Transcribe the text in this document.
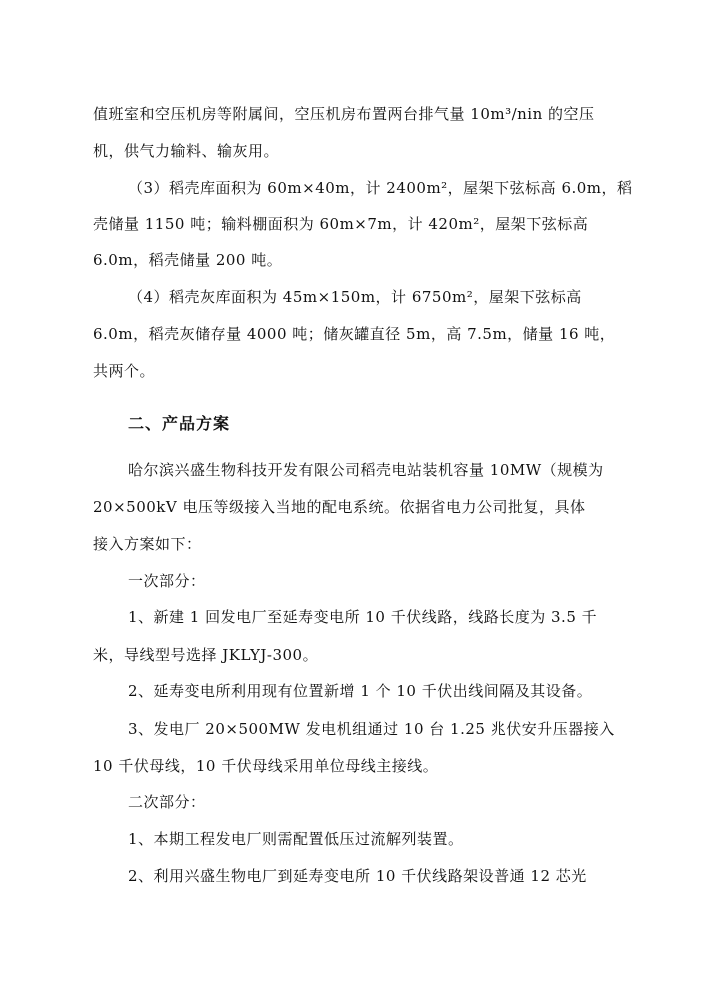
值班室和空压机房等附属间，空压机房布置两台排气量 10m³/nin 的空压
机，供气力输料、输灰用。
（3）稻壳库面积为 60m×40m，计 2400m²，屋架下弦标高 6.0m，稻
壳储量 1150 吨；输料棚面积为 60m×7m，计 420m²，屋架下弦标高
6.0m，稻壳储量 200 吨。
（4）稻壳灰库面积为 45m×150m，计 6750m²，屋架下弦标高
6.0m，稻壳灰储存量 4000 吨；储灰罐直径 5m，高 7.5m，储量 16 吨，
共两个。
二、产品方案
哈尔滨兴盛生物科技开发有限公司稻壳电站装机容量 10MW（规模为
20×500kV 电压等级接入当地的配电系统。依据省电力公司批复，具体
接入方案如下：
一次部分：
1、新建 1 回发电厂至延寿变电所 10 千伏线路，线路长度为 3.5 千
米，导线型号选择 JKLYJ-300。
2、延寿变电所利用现有位置新增 1 个 10 千伏出线间隔及其设备。
3、发电厂 20×500MW 发电机组通过 10 台 1.25 兆伏安升压器接入
10 千伏母线，10 千伏母线采用单位母线主接线。
二次部分：
1、本期工程发电厂则需配置低压过流解列装置。
2、利用兴盛生物电厂到延寿变电所 10 千伏线路架设普通 12 芯光
